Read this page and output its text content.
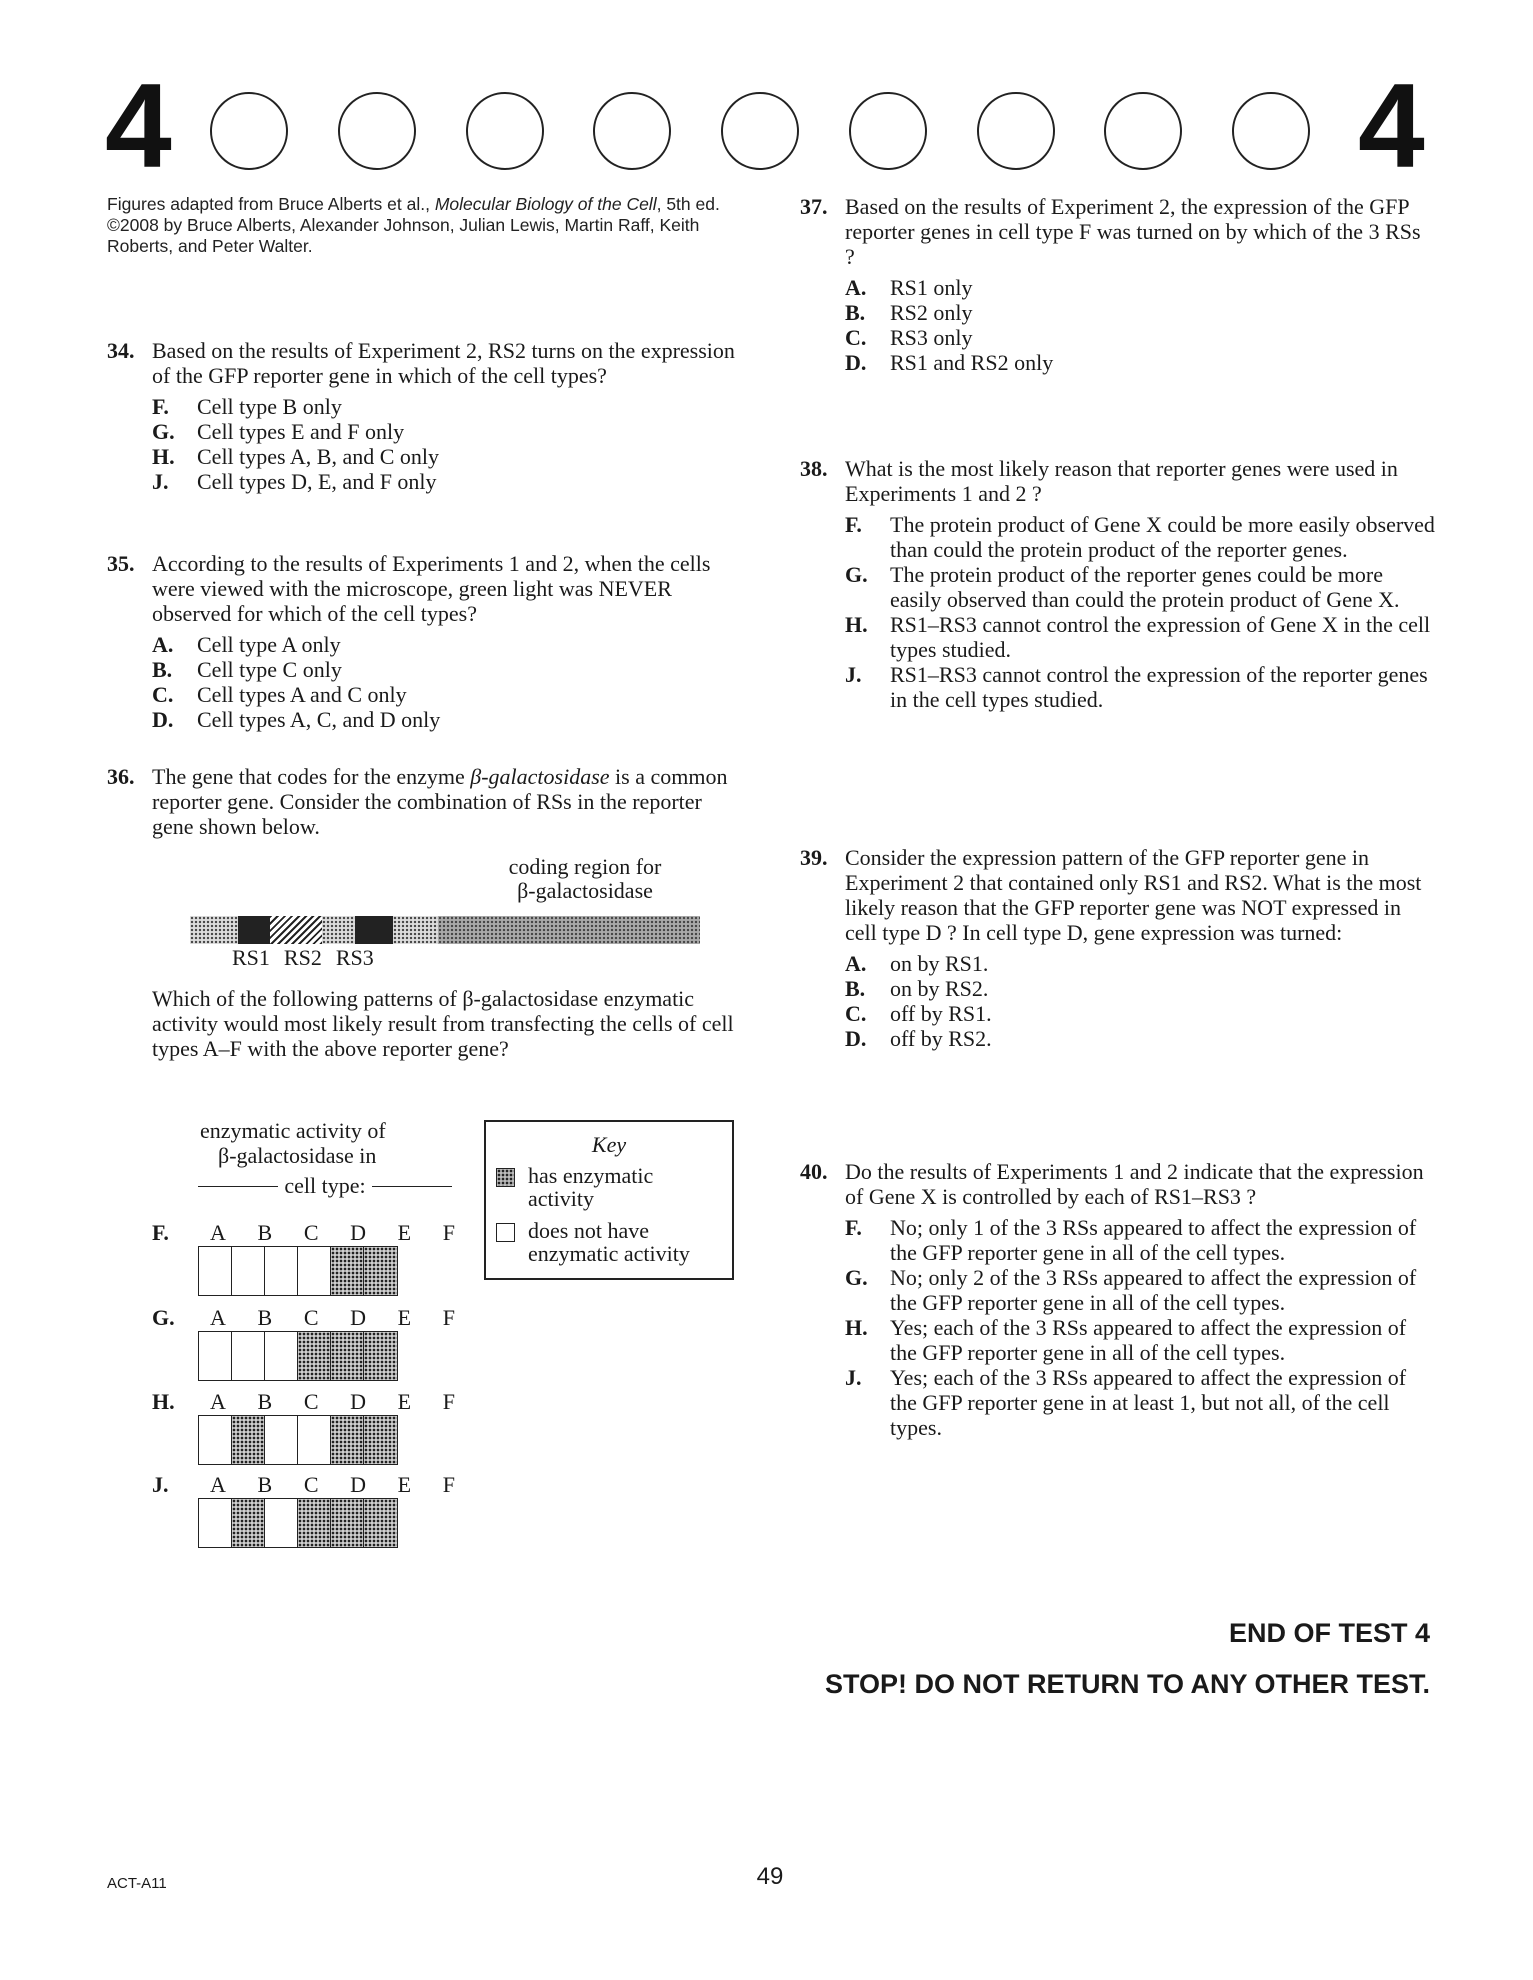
4	4
Figures adapted from Bruce Alberts et al., Molecular Biology of the Cell, 5th ed. ©2008 by Bruce Alberts, Alexander Johnson, Julian Lewis, Martin Raff, Keith Roberts, and Peter Walter.
34. Based on the results of Experiment 2, RS2 turns on the expression of the GFP reporter gene in which of the cell types?
F. Cell type B only
G. Cell types E and F only
H. Cell types A, B, and C only
J. Cell types D, E, and F only
35. According to the results of Experiments 1 and 2, when the cells were viewed with the microscope, green light was NEVER observed for which of the cell types?
A. Cell type A only
B. Cell type C only
C. Cell types A and C only
D. Cell types A, C, and D only
36. The gene that codes for the enzyme β-galactosidase is a common reporter gene. Consider the combination of RSs in the reporter gene shown below.
coding region for
β-galactosidase
RS1 RS2 RS3
Which of the following patterns of β-galactosidase enzymatic activity would most likely result from transfecting the cells of cell types A–F with the above reporter gene?
enzymatic activity of
β-galactosidase in
cell type:
F. A B C D E F
G. A B C D E F
H. A B C D E F
J. A B C D E F
Key
has enzymatic
activity
does not have
enzymatic activity
37. Based on the results of Experiment 2, the expression of the GFP reporter genes in cell type F was turned on by which of the 3 RSs ?
A. RS1 only
B. RS2 only
C. RS3 only
D. RS1 and RS2 only
38. What is the most likely reason that reporter genes were used in Experiments 1 and 2 ?
F. The protein product of Gene X could be more easily observed than could the protein product of the reporter genes.
G. The protein product of the reporter genes could be more easily observed than could the protein product of Gene X.
H. RS1–RS3 cannot control the expression of Gene X in the cell types studied.
J. RS1–RS3 cannot control the expression of the reporter genes in the cell types studied.
39. Consider the expression pattern of the GFP reporter gene in Experiment 2 that contained only RS1 and RS2. What is the most likely reason that the GFP reporter gene was NOT expressed in cell type D ? In cell type D, gene expression was turned:
A. on by RS1.
B. on by RS2.
C. off by RS1.
D. off by RS2.
40. Do the results of Experiments 1 and 2 indicate that the expression of Gene X is controlled by each of RS1–RS3 ?
F. No; only 1 of the 3 RSs appeared to affect the expression of the GFP reporter gene in all of the cell types.
G. No; only 2 of the 3 RSs appeared to affect the expression of the GFP reporter gene in all of the cell types.
H. Yes; each of the 3 RSs appeared to affect the expression of the GFP reporter gene in all of the cell types.
J. Yes; each of the 3 RSs appeared to affect the expression of the GFP reporter gene in at least 1, but not all, of the cell types.
END OF TEST 4
STOP! DO NOT RETURN TO ANY OTHER TEST.
ACT-A11	49
